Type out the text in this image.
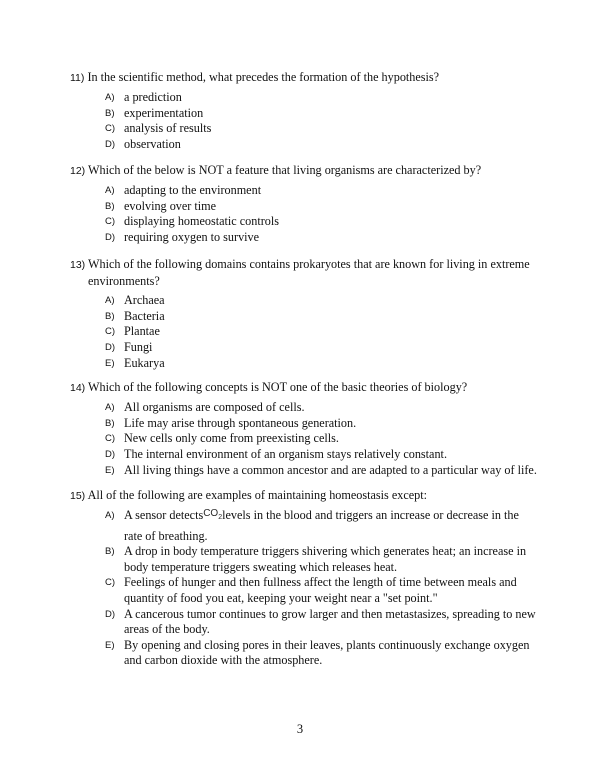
11) In the scientific method, what precedes the formation of the hypothesis?

A) a prediction
B) experimentation
C) analysis of results
D) observation

12) Which of the below is NOT a feature that living organisms are characterized by?

A) adapting to the environment
B) evolving over time
C) displaying homeostatic controls
D) requiring oxygen to survive

13) Which of the following domains contains prokaryotes that are known for living in extreme environments?

A) Archaea
B) Bacteria
C) Plantae
D) Fungi
E) Eukarya

14) Which of the following concepts is NOT one of the basic theories of biology?

A) All organisms are composed of cells.
B) Life may arise through spontaneous generation.
C) New cells only come from preexisting cells.
D) The internal environment of an organism stays relatively constant.
E) All living things have a common ancestor and are adapted to a particular way of life.

15) All of the following are examples of maintaining homeostasis except:

A) A sensor detects$^{CO_2}$levels in the blood and triggers an increase or decrease in the rate of breathing.
B) A drop in body temperature triggers shivering which generates heat; an increase in body temperature triggers sweating which releases heat.
C) Feelings of hunger and then fullness affect the length of time between meals and quantity of food you eat, keeping your weight near a "set point."
D) A cancerous tumor continues to grow larger and then metastasizes, spreading to new areas of the body.
E) By opening and closing pores in their leaves, plants continuously exchange oxygen and carbon dioxide with the atmosphere.
3
